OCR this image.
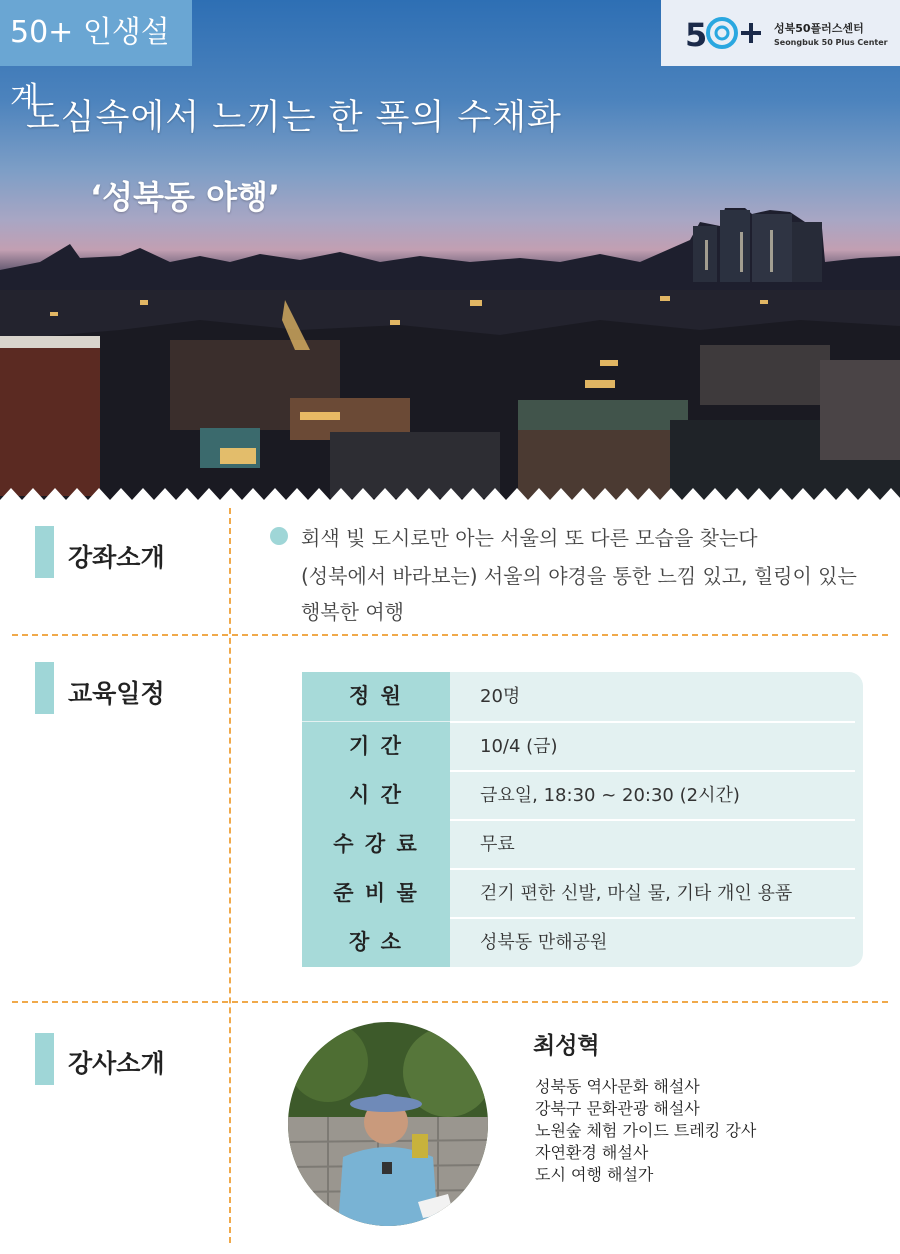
50+ 인생설계
5	성북50플러스센터
Seongbuk 50 Plus Center
도심속에서 느끼는 한 폭의 수채화
‘성북동 야행’
강좌소개
회색 빛 도시로만 아는 서울의 또 다른 모습을 찾는다
(성북에서 바라보는) 서울의 야경을 통한 느낌 있고, 힐링이 있는
행복한 여행
교육일정	정 원	20명
기 간	10/4 (금)
시 간	금요일, 18:30 ~ 20:30 (2시간)
수 강 료	무료
준 비 물	걷기 편한 신발, 마실 물, 기타 개인 용품
장 소	성북동 만해공원
강사소개
최성혁
성북동 역사문화 해설사
강북구 문화관광 해설사
노원숲 체험 가이드 트레킹 강사
자연환경 해설사
도시 여행 해설가
